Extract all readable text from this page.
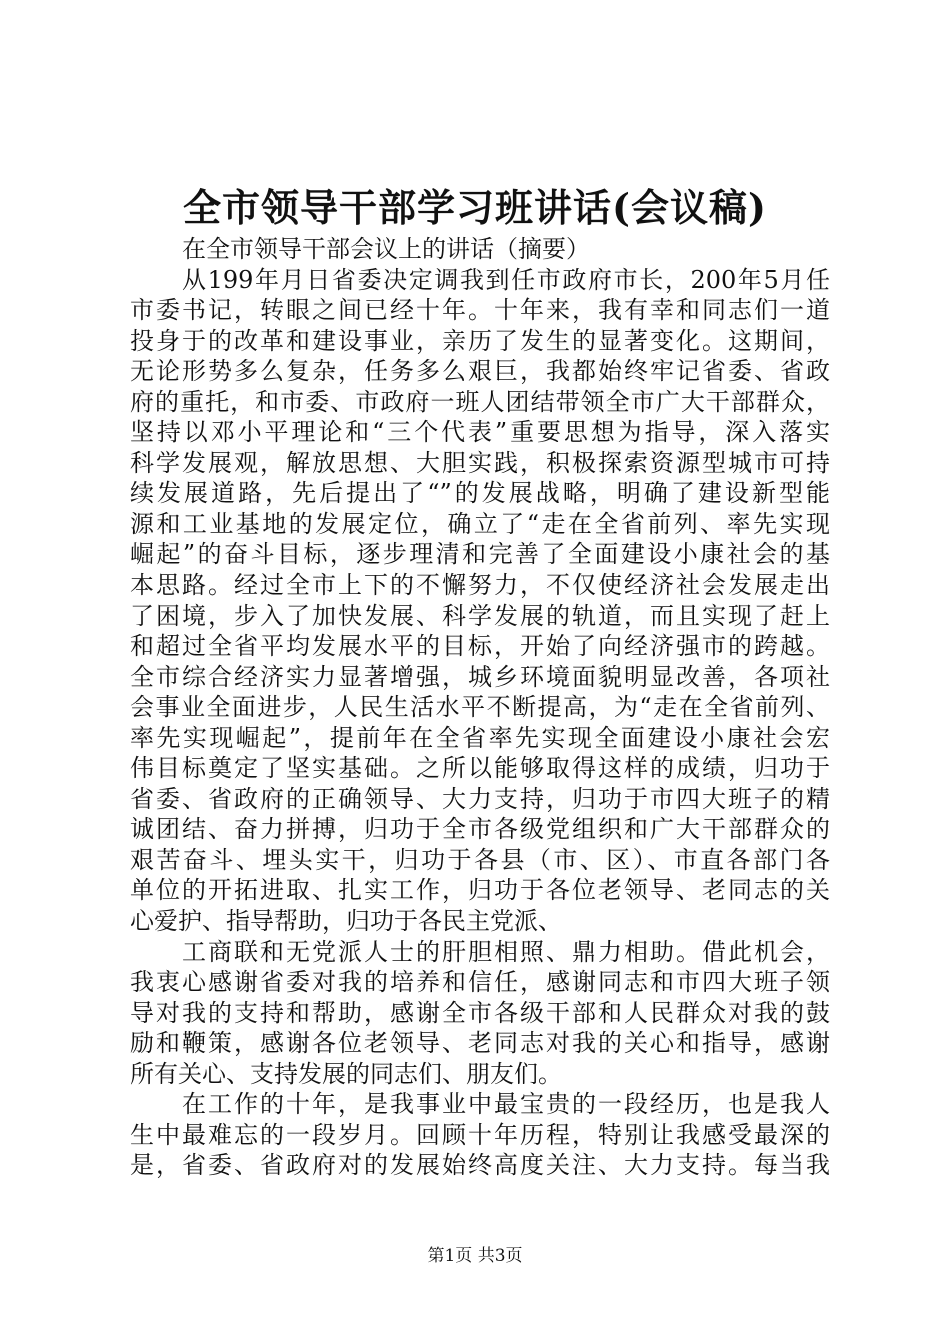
全市领导干部学习班讲话(会议稿)
在全市领导干部会议上的讲话（摘要）
从199年月日省委决定调我到任市政府市长，200年5月任
市委书记，转眼之间已经十年。十年来，我有幸和同志们一道
投身于的改革和建设事业，亲历了发生的显著变化。这期间，
无论形势多么复杂，任务多么艰巨，我都始终牢记省委、省政
府的重托，和市委、市政府一班人团结带领全市广大干部群众，
坚持以邓小平理论和“三个代表”重要思想为指导，深入落实
科学发展观，解放思想、大胆实践，积极探索资源型城市可持
续发展道路，先后提出了“”的发展战略，明确了建设新型能
源和工业基地的发展定位，确立了“走在全省前列、率先实现
崛起”的奋斗目标，逐步理清和完善了全面建设小康社会的基
本思路。经过全市上下的不懈努力，不仅使经济社会发展走出
了困境，步入了加快发展、科学发展的轨道，而且实现了赶上
和超过全省平均发展水平的目标，开始了向经济强市的跨越。
全市综合经济实力显著增强，城乡环境面貌明显改善，各项社
会事业全面进步，人民生活水平不断提高，为“走在全省前列、
率先实现崛起”，提前年在全省率先实现全面建设小康社会宏
伟目标奠定了坚实基础。之所以能够取得这样的成绩，归功于
省委、省政府的正确领导、大力支持，归功于市四大班子的精
诚团结、奋力拼搏，归功于全市各级党组织和广大干部群众的
艰苦奋斗、埋头实干，归功于各县（市、区）、市直各部门各
单位的开拓进取、扎实工作，归功于各位老领导、老同志的关
心爱护、指导帮助，归功于各民主党派、
工商联和无党派人士的肝胆相照、鼎力相助。借此机会，
我衷心感谢省委对我的培养和信任，感谢同志和市四大班子领
导对我的支持和帮助，感谢全市各级干部和人民群众对我的鼓
励和鞭策，感谢各位老领导、老同志对我的关心和指导，感谢
所有关心、支持发展的同志们、朋友们。
在工作的十年，是我事业中最宝贵的一段经历，也是我人
生中最难忘的一段岁月。回顾十年历程，特别让我感受最深的
是，省委、省政府对的发展始终高度关注、大力支持。每当我
第1页 共3页
